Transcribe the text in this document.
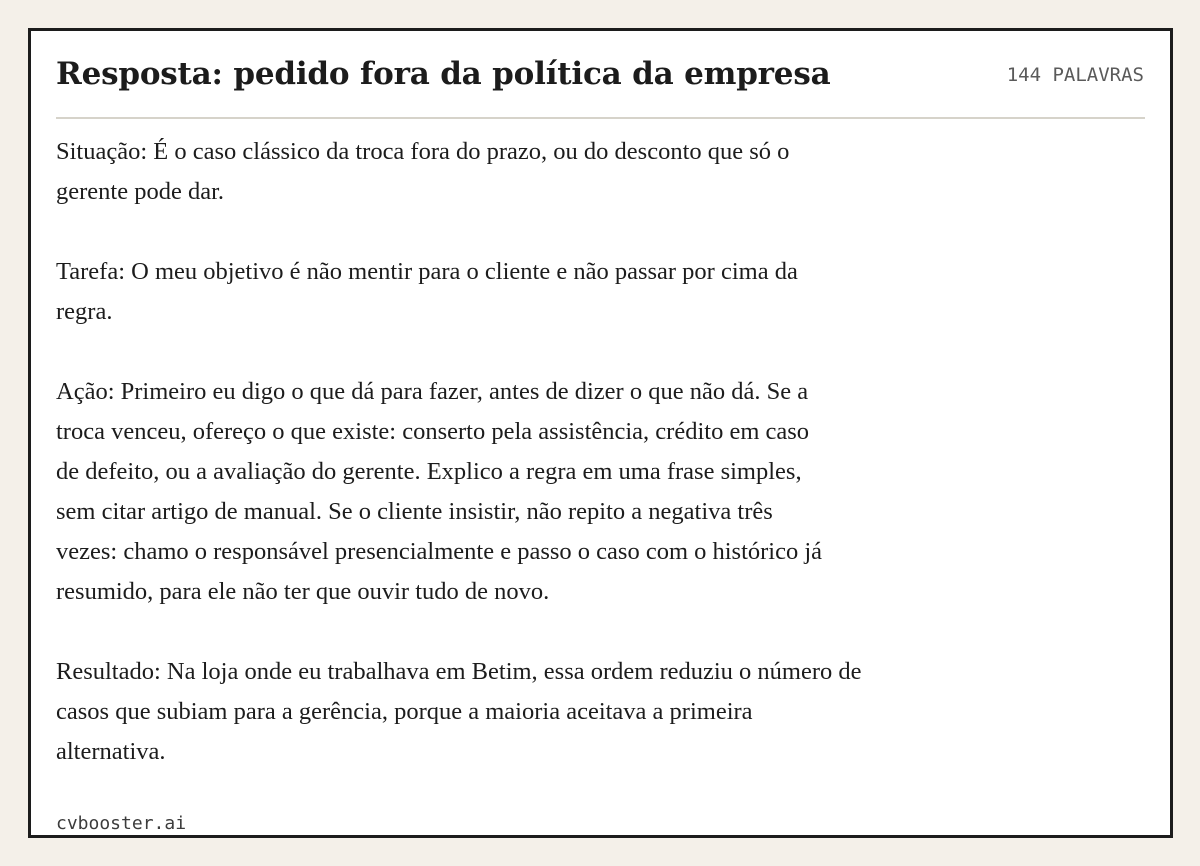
Resposta: pedido fora da política da empresa	144 PALAVRAS

Situação: É o caso clássico da troca fora do prazo, ou do desconto que só o
gerente pode dar.

Tarefa: O meu objetivo é não mentir para o cliente e não passar por cima da
regra.

Ação: Primeiro eu digo o que dá para fazer, antes de dizer o que não dá. Se a
troca venceu, ofereço o que existe: conserto pela assistência, crédito em caso
de defeito, ou a avaliação do gerente. Explico a regra em uma frase simples,
sem citar artigo de manual. Se o cliente insistir, não repito a negativa três
vezes: chamo o responsável presencialmente e passo o caso com o histórico já
resumido, para ele não ter que ouvir tudo de novo.

Resultado: Na loja onde eu trabalhava em Betim, essa ordem reduziu o número de
casos que subiam para a gerência, porque a maioria aceitava a primeira
alternativa.

cvbooster.ai
